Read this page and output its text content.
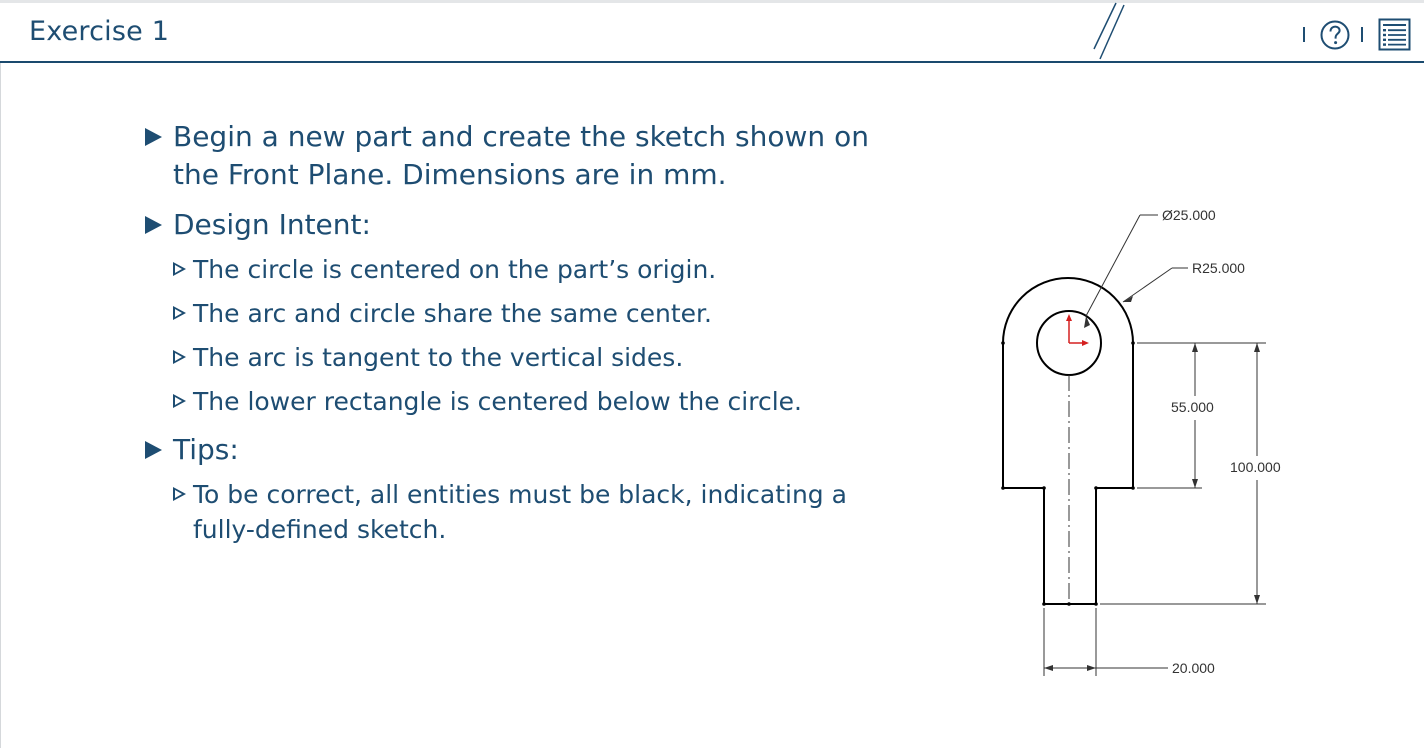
Exercise 1
Begin a new part and create the sketch shown on the Front Plane. Dimensions are in mm.
Design Intent:
The circle is centered on the part’s origin.
The arc and circle share the same center.
The arc is tangent to the vertical sides.
The lower rectangle is centered below the circle.
Tips:
To be correct, all entities must be black, indicating a fully-defined sketch.
Ø25.000
R25.000
55.000
100.000
20.000
